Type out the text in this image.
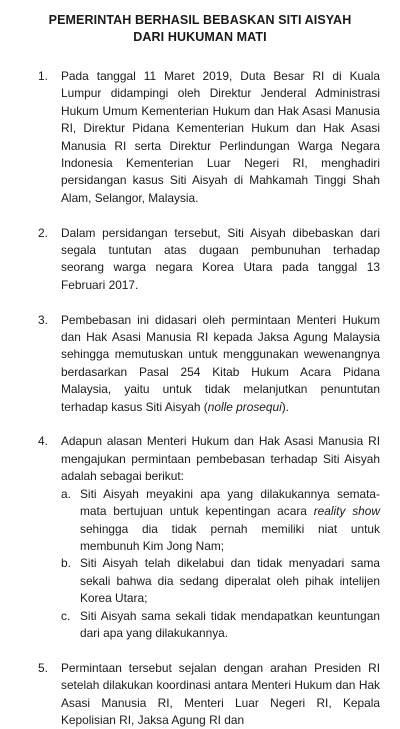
PEMERINTAH BERHASIL BEBASKAN SITI AISYAH
DARI HUKUMAN MATI
1. Pada tanggal 11 Maret 2019, Duta Besar RI di Kuala Lumpur didampingi oleh Direktur Jenderal Administrasi Hukum Umum Kementerian Hukum dan Hak Asasi Manusia RI, Direktur Pidana Kementerian Hukum dan Hak Asasi Manusia RI serta Direktur Perlindungan Warga Negara Indonesia Kementerian Luar Negeri RI, menghadiri persidangan kasus Siti Aisyah di Mahkamah Tinggi Shah Alam, Selangor, Malaysia.

2. Dalam persidangan tersebut, Siti Aisyah dibebaskan dari segala tuntutan atas dugaan pembunuhan terhadap seorang warga negara Korea Utara pada tanggal 13 Februari 2017.

3. Pembebasan ini didasari oleh permintaan Menteri Hukum dan Hak Asasi Manusia RI kepada Jaksa Agung Malaysia sehingga memutuskan untuk menggunakan wewenangnya berdasarkan Pasal 254 Kitab Hukum Acara Pidana Malaysia, yaitu untuk tidak melanjutkan penuntutan terhadap kasus Siti Aisyah (nolle prosequi).

4. Adapun alasan Menteri Hukum dan Hak Asasi Manusia RI mengajukan permintaan pembebasan terhadap Siti Aisyah adalah sebagai berikut:

a. Siti Aisyah meyakini apa yang dilakukannya semata-mata bertujuan untuk kepentingan acara reality show sehingga dia tidak pernah memiliki niat untuk membunuh Kim Jong Nam;
b. Siti Aisyah telah dikelabui dan tidak menyadari sama sekali bahwa dia sedang diperalat oleh pihak intelijen Korea Utara;
c. Siti Aisyah sama sekali tidak mendapatkan keuntungan dari apa yang dilakukannya.
5. Permintaan tersebut sejalan dengan arahan Presiden RI setelah dilakukan koordinasi antara Menteri Hukum dan Hak Asasi Manusia RI, Menteri Luar Negeri RI, Kepala Kepolisian RI, Jaksa Agung RI dan
